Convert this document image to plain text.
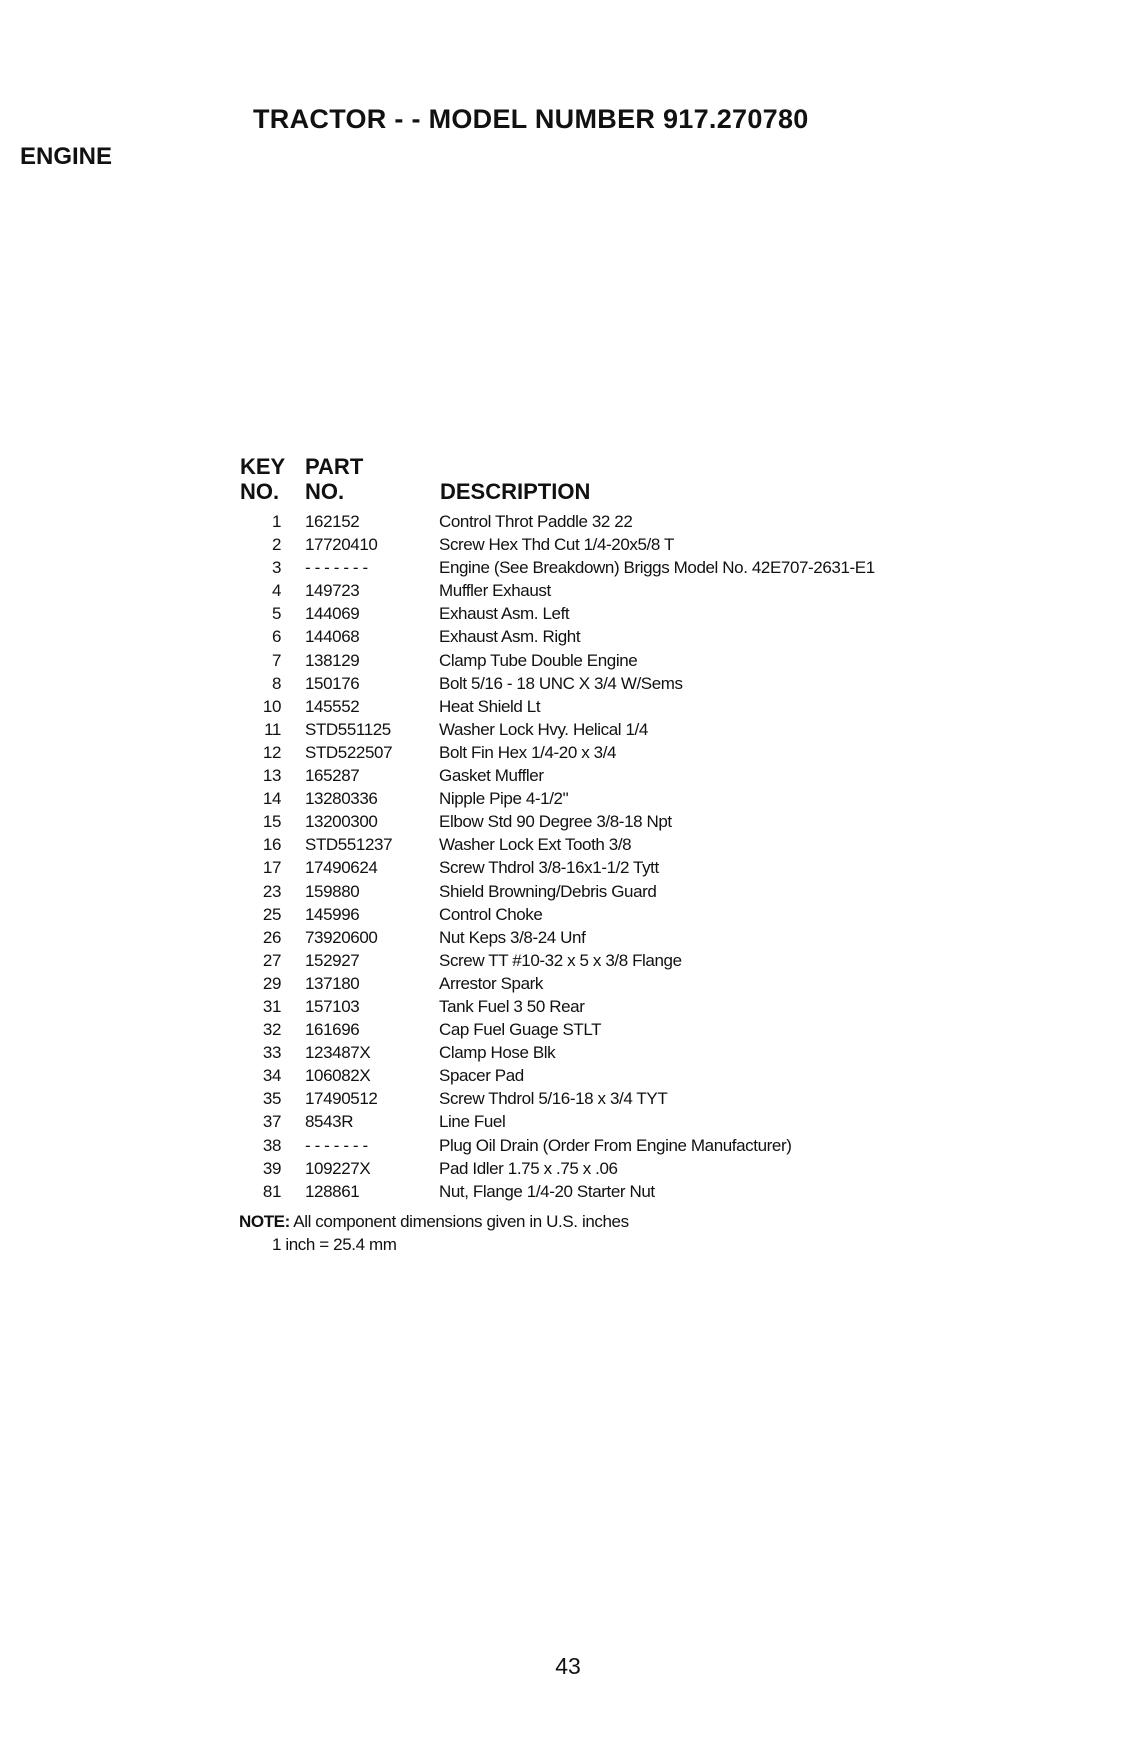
TRACTOR - - MODEL NUMBER 917.270780
ENGINE
KEY
NO.
PART
NO.	DESCRIPTION
1 162152	Control Throt Paddle 32 22
2 17720410	Screw Hex Thd Cut 1/4-20x5/8 T
3 - - - - - - -	Engine (See Breakdown) Briggs Model No. 42E707-2631-E1
4 149723	Muffler Exhaust
5 144069	Exhaust Asm. Left
6 144068	Exhaust Asm. Right
7 138129	Clamp Tube Double Engine
8 150176	Bolt 5/16 - 18 UNC X 3/4 W/Sems
10 145552	Heat Shield Lt
11 STD551125	Washer Lock Hvy. Helical 1/4
12 STD522507	Bolt Fin Hex 1/4-20 x 3/4
13 165287	Gasket Muffler
14 13280336	Nipple Pipe 4-1/2"
15 13200300	Elbow Std 90 Degree 3/8-18 Npt
16 STD551237	Washer Lock Ext Tooth 3/8
17 17490624	Screw Thdrol 3/8-16x1-1/2 Tytt
23 159880	Shield Browning/Debris Guard
25 145996	Control Choke
26 73920600	Nut Keps 3/8-24 Unf
27 152927	Screw TT #10-32 x 5 x 3/8 Flange
29 137180	Arrestor Spark
31 157103	Tank Fuel 3 50 Rear
32 161696	Cap Fuel Guage STLT
33 123487X	Clamp Hose Blk
34 106082X	Spacer Pad
35 17490512	Screw Thdrol 5/16-18 x 3/4 TYT
37 8543R	Line Fuel
38 - - - - - - -	Plug Oil Drain (Order From Engine Manufacturer)
39 109227X	Pad Idler 1.75 x .75 x .06
81 128861	Nut, Flange 1/4-20 Starter Nut
NOTE: All component dimensions given in U.S. inches
1 inch = 25.4 mm
43
